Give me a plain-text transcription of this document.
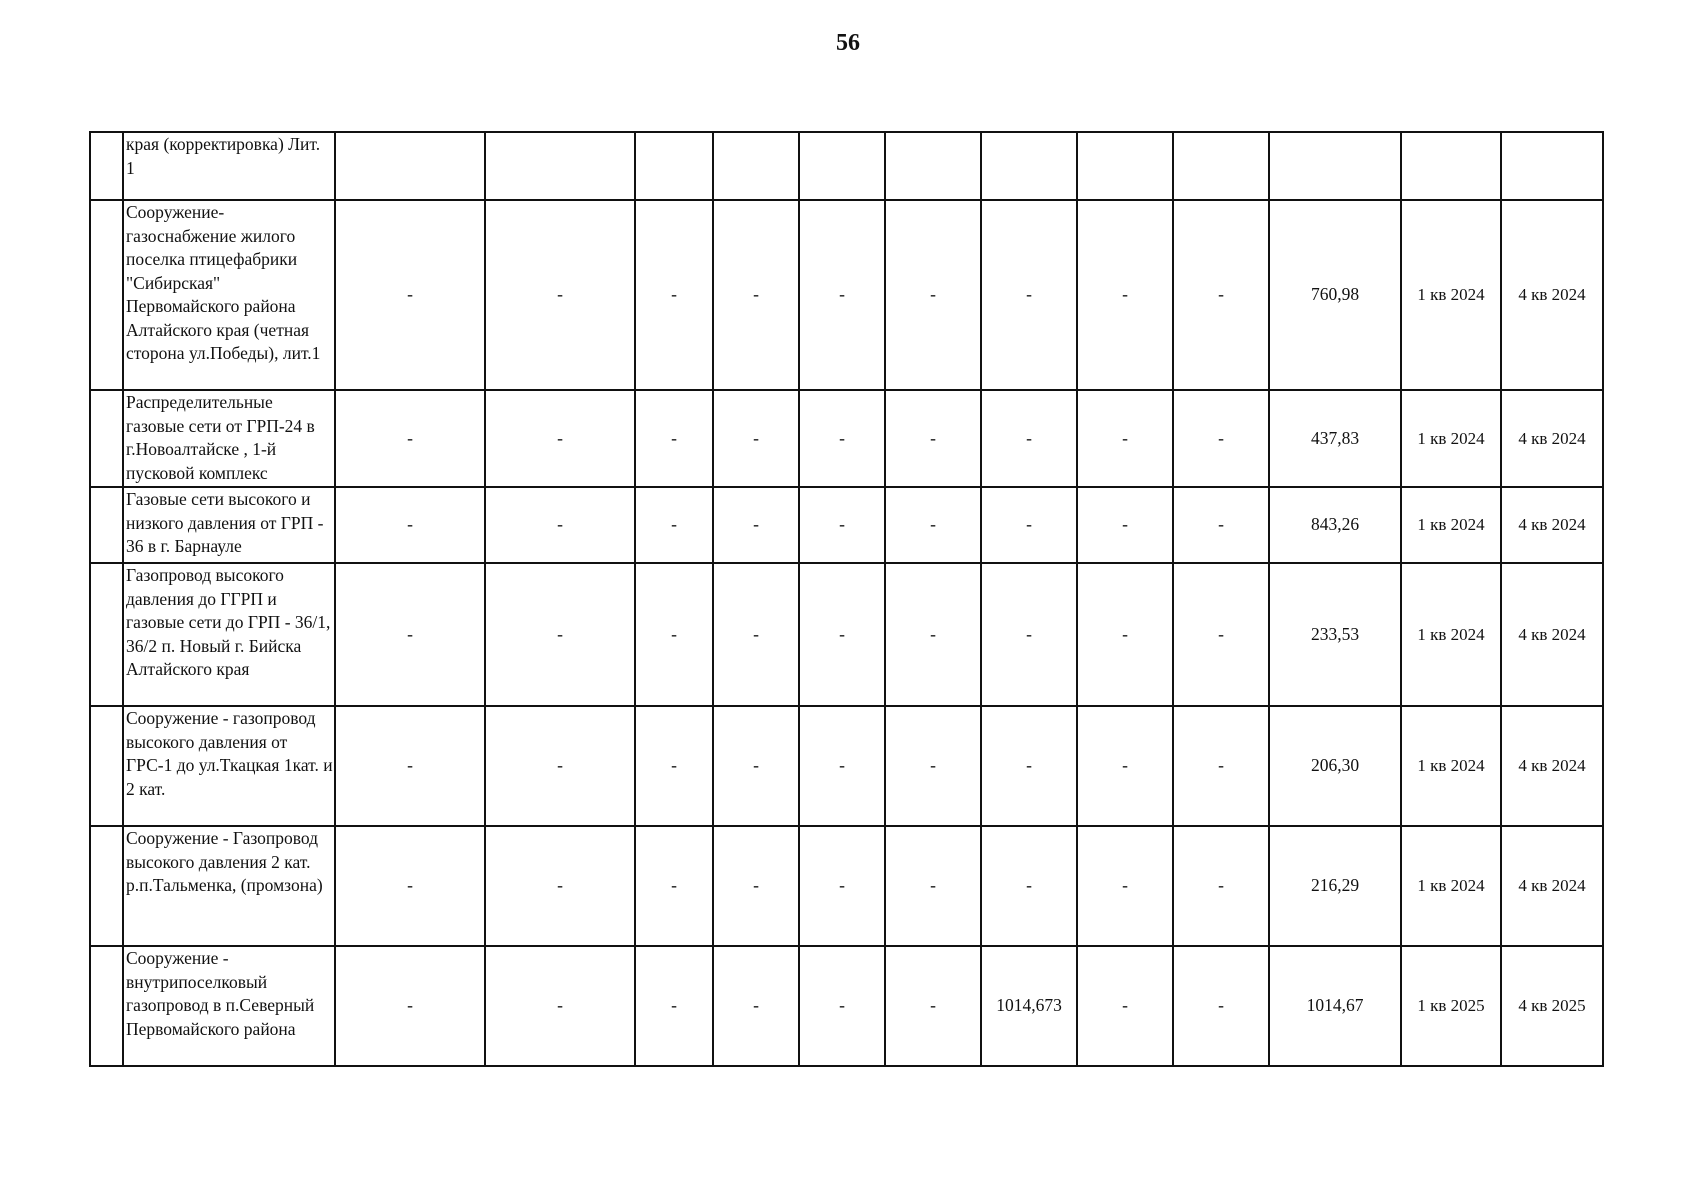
56
	края (корректировка) Лит. 1												
	Сооружение-газоснабжение жилого поселка птицефабрики "Сибирская" Первомайского района Алтайского края (четная сторона ул.Победы), лит.1	-	-	-	-	-	-	-	-	-	760,98	1 кв 2024	4 кв 2024
	Распределительные газовые сети от ГРП-24 в г.Новоалтайске , 1-й пусковой комплекс	-	-	-	-	-	-	-	-	-	437,83	1 кв 2024	4 кв 2024
	Газовые сети высокого и низкого давления от ГРП - 36 в г. Барнауле	-	-	-	-	-	-	-	-	-	843,26	1 кв 2024	4 кв 2024
	Газопровод высокого давления до ГГРП и газовые сети до ГРП - 36/1, 36/2 п. Новый г. Бийска Алтайского края	-	-	-	-	-	-	-	-	-	233,53	1 кв 2024	4 кв 2024
	Сооружение - газопровод высокого давления от ГРС-1 до ул.Ткацкая 1кат. и 2 кат.	-	-	-	-	-	-	-	-	-	206,30	1 кв 2024	4 кв 2024
	Сооружение - Газопровод высокого давления 2 кат. р.п.Тальменка, (промзона)	-	-	-	-	-	-	-	-	-	216,29	1 кв 2024	4 кв 2024
	Сооружение - внутрипоселковый газопровод в п.Северный Первомайского района	-	-	-	-	-	-	1014,673	-	-	1014,67	1 кв 2025	4 кв 2025
